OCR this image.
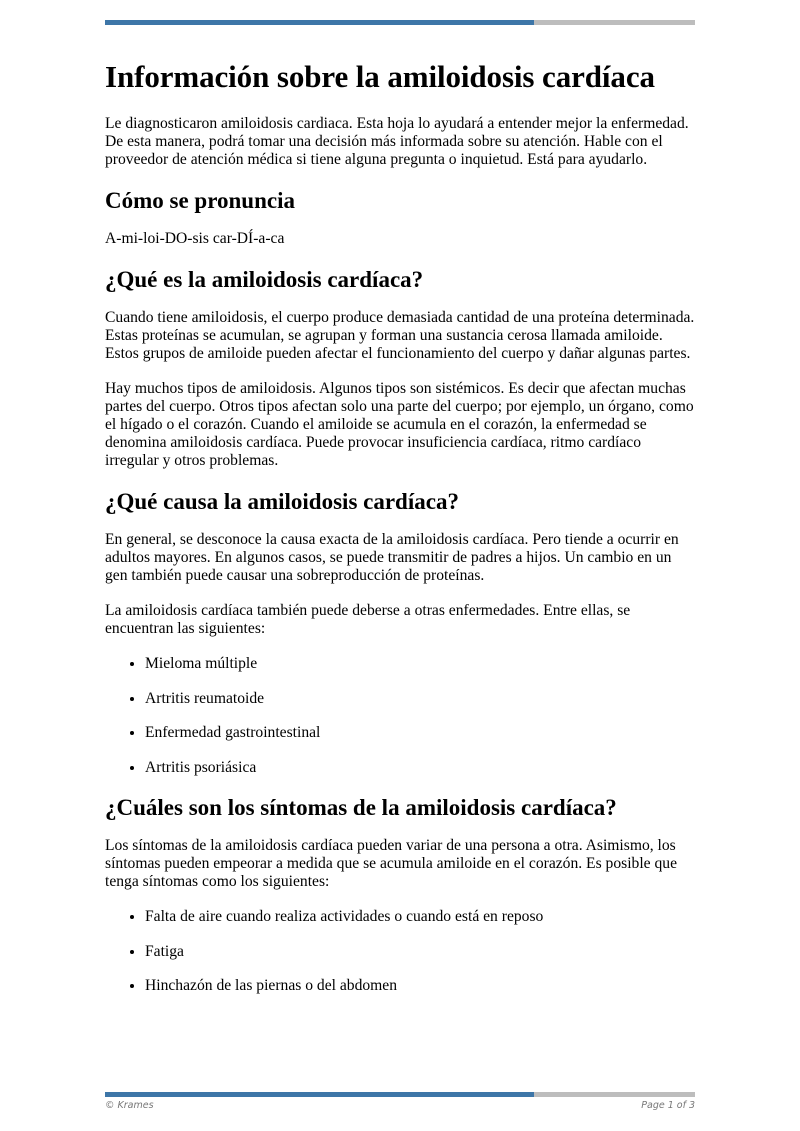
Información sobre la amiloidosis cardíaca

Le diagnosticaron amiloidosis cardiaca. Esta hoja lo ayudará a entender mejor la enfermedad. De esta manera, podrá tomar una decisión más informada sobre su atención. Hable con el proveedor de atención médica si tiene alguna pregunta o inquietud. Está para ayudarlo.

Cómo se pronuncia

A-mi-loi-DO-sis car-DÍ-a-ca

¿Qué es la amiloidosis cardíaca?

Cuando tiene amiloidosis, el cuerpo produce demasiada cantidad de una proteína determinada. Estas proteínas se acumulan, se agrupan y forman una sustancia cerosa llamada amiloide. Estos grupos de amiloide pueden afectar el funcionamiento del cuerpo y dañar algunas partes.

Hay muchos tipos de amiloidosis. Algunos tipos son sistémicos. Es decir que afectan muchas partes del cuerpo. Otros tipos afectan solo una parte del cuerpo; por ejemplo, un órgano, como el hígado o el corazón. Cuando el amiloide se acumula en el corazón, la enfermedad se denomina amiloidosis cardíaca. Puede provocar insuficiencia cardíaca, ritmo cardíaco irregular y otros problemas.

¿Qué causa la amiloidosis cardíaca?

En general, se desconoce la causa exacta de la amiloidosis cardíaca. Pero tiende a ocurrir en adultos mayores. En algunos casos, se puede transmitir de padres a hijos. Un cambio en un gen también puede causar una sobreproducción de proteínas.

La amiloidosis cardíaca también puede deberse a otras enfermedades. Entre ellas, se encuentran las siguientes:

• Mieloma múltiple
• Artritis reumatoide
• Enfermedad gastrointestinal
• Artritis psoriásica
¿Cuáles son los síntomas de la amiloidosis cardíaca?

Los síntomas de la amiloidosis cardíaca pueden variar de una persona a otra. Asimismo, los síntomas pueden empeorar a medida que se acumula amiloide en el corazón. Es posible que tenga síntomas como los siguientes:

• Falta de aire cuando realiza actividades o cuando está en reposo
• Fatiga
• Hinchazón de las piernas o del abdomen
© Krames	Page 1 of 3
